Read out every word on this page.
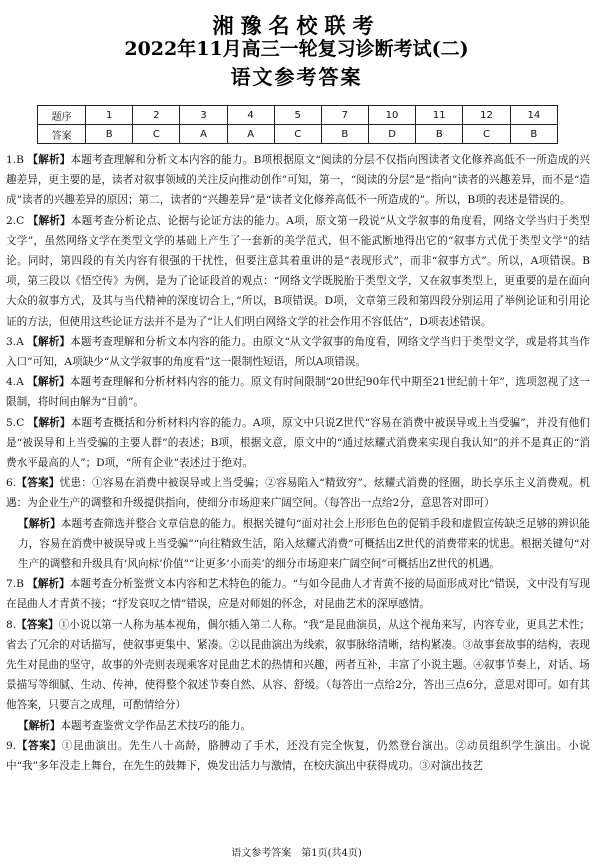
湘豫名校联考
2022年11月高三一轮复习诊断考试(二)
语文参考答案
题序	1	2	3	4	5	7	10	11	12	14
答案	B	C	A	A	C	B	D	B	C	B

1.B 【解析】本题考查理解和分析文本内容的能力。B项根据原文“阅读的分层不仅指向图读者文化修养高低不一所造成的兴趣差异，更主要的是，读者对叙事领域的关注反向推动创作”可知，第一，“阅读的分层”是“指向”读者的兴趣差异，而不是“造成”读者的兴趣差异的原因；第二，读者的“兴趣差异”是“读者文化修养高低不一所造成的”。所以，B项的表述是错误的。

2.C 【解析】本题考查分析论点、论据与论证方法的能力。A项，原文第一段说“从文学叙事的角度看，网络文学当归于类型文学”，虽然网络文学在类型文学的基础上产生了一套新的美学范式，但不能武断地得出它的“叙事方式优于类型文学”的结论。同时，第四段的有关内容有很强的干扰性，但要注意其着重讲的是“表现形式”，而非“叙事方式”。所以，A项错误。B项，第三段以《悟空传》为例，是为了论证段首的观点：“网络文学既脱胎于类型文学，又在叙事类型上，更重要的是在面向大众的叙事方式，及其与当代精神的深度切合上，”所以，B项错误。D项，文章第三段和第四段分别运用了举例论证和引用论证的方法，但使用这些论证方法并不是为了“让人们明白网络文学的社会作用不容低估”，D项表述错误。

3.A 【解析】本题考查理解和分析文本内容的能力。由原文“从文学叙事的角度看，网络文学当归于类型文学，或是将其当作入口”可知，A项缺少“从文学叙事的角度看”这一限制性短语，所以A项错误。

4.A 【解析】本题考查理解和分析材料内容的能力。原文有时间限制“20世纪90年代中期至21世纪前十年”，选项忽视了这一限制，将时间由解为“目前”。

5.C 【解析】本题考查概括和分析材料内容的能力。A项，原文中只说Z世代“容易在消费中被误导或上当受骗”，并没有他们是“被误导和上当受骗的主要人群”的表述；B项，根据文意，原文中的“通过炫耀式消费来实现自我认知”的并不是真正的“消费水平最高的人”；D项，“所有企业”表述过于绝对。

6.【答案】忧患：①容易在消费中被误导或上当受骗；②容易陷入“精致穷”、炫耀式消费的怪圈，助长享乐主义消费观。机遇：为企业生产的调整和升级提供指向，使细分市场迎来广阔空间。（每答出一点给2分，意思答对即可）

【解析】本题考查筛选并整合文章信息的能力。根据关键句“面对社会上形形色色的促销手段和虚假宣传缺乏足够的辨识能力，容易在消费中被误导或上当受骗”“向往精致生活，陷入炫耀式消费”可概括出Z世代的消费带来的忧患。根据关键句“对生产的调整和升级具有‘风向标’价值”“让更多‘小而美’的细分市场迎来广阔空间”可概括出Z世代的机遇。

7.B 【解析】本题考查分析鉴赏文本内容和艺术特色的能力。“与如今昆曲人才青黄不接的局面形成对比”错误，文中没有写现在昆曲人才青黄不接；“抒发哀叹之情”错误，应是对师姐的怀念，对昆曲艺术的深厚感情。

8.【答案】①小说以第一人称为基本视角，偶尔插入第二人称。“我”是昆曲演员，从这个视角来写，内容专业，更具艺术性；省去了冗余的对话描写，使叙事更集中、紧凑。②以昆曲演出为线索，叙事脉络清晰，结构紧凑。③故事套故事的结构，表现先生对昆曲的坚守，故事的外壳则表现乘客对昆曲艺术的热情和兴趣，两者互补，丰富了小说主题。④叙事节奏上，对话、场景描写等细腻、生动、传神，使得整个叙述节奏自然、从容、舒缓。（每答出一点给2分，答出三点6分，意思对即可。如有其他答案，只要言之成理，可酌情给分）

【解析】本题考查鉴赏文学作品艺术技巧的能力。

9.【答案】①昆曲演出。先生八十高龄，胳膊动了手术，还没有完全恢复，仍然登台演出。②动员组织学生演出。小说中“我”多年没走上舞台，在先生的鼓舞下，焕发出活力与激情，在校庆演出中获得成功。③对演出技艺

语文参考答案　第1页(共4页)
